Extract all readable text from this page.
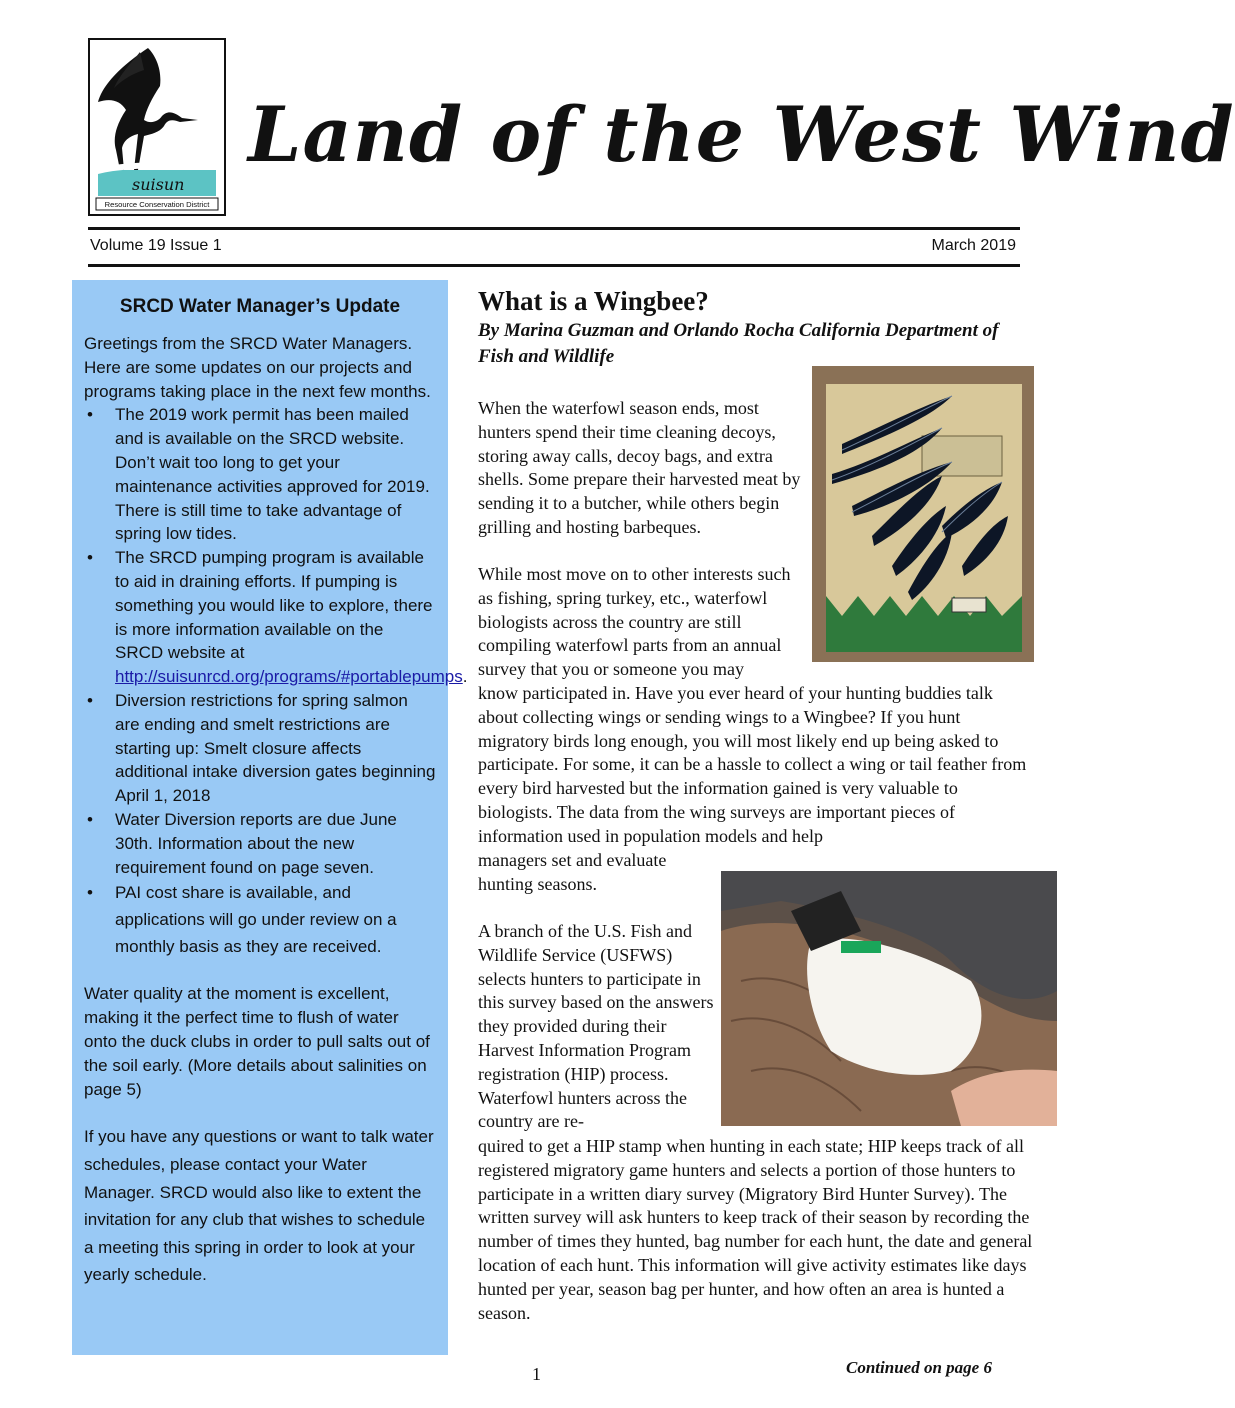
suisun
Resource Conservation District
Land of the West Wind
Volume 19 Issue 1	March 2019
SRCD Water Manager’s Update

Greetings from the SRCD Water Managers. Here are some updates on our projects and programs taking place in the next few months.

• The 2019 work permit has been mailed and is available on the SRCD website. Don’t wait too long to get your maintenance activities approved for 2019. There is still time to take advantage of spring low tides.
• The SRCD pumping program is available to aid in draining efforts. If pumping is something you would like to explore, there is more information available on the SRCD website at http://suisunrcd.org/programs/#portablepumps.
• Diversion restrictions for spring salmon are ending and smelt restrictions are starting up: Smelt closure affects additional intake diversion gates beginning April 1, 2018
• Water Diversion reports are due June 30th. Information about the new requirement found on page seven.
• PAI cost share is available, and applications will go under review on a monthly basis as they are received.

Water quality at the moment is excellent, making it the perfect time to flush of water onto the duck clubs in order to pull salts out of the soil early. (More details about salinities on page 5)

If you have any questions or want to talk water schedules, please contact your Water Manager. SRCD would also like to extent the invitation for any club that wishes to schedule a meeting this spring in order to look at your yearly schedule.

What is a Wingbee?
By Marina Guzman and Orlando Rocha California Department of Fish and Wildlife
When the waterfowl season ends, most hunters spend their time cleaning decoys, storing away calls, decoy bags, and extra shells. Some prepare their harvested meat by sending it to a butcher, while others begin grilling and hosting barbeques.
While most move on to other interests such as fishing, spring turkey, etc., waterfowl biologists across the country are still compiling waterfowl parts from an annual survey that you or someone you may
know participated in. Have you ever heard of your hunting buddies talk about collecting wings or sending wings to a Wingbee? If you hunt migratory birds long enough, you will most likely end up being asked to participate. For some, it can be a hassle to collect a wing or tail feather from every bird harvested but the information gained is very valuable to biologists. The data from the wing surveys are important pieces of information used in population models and help
managers set and evaluate hunting seasons.
A branch of the U.S. Fish and Wildlife Service (USFWS) selects hunters to participate in this survey based on the answers they provided during their Harvest Information Program registration (HIP) process. Waterfowl hunters across the country are re-
quired to get a HIP stamp when hunting in each state; HIP keeps track of all registered migratory game hunters and selects a portion of those hunters to participate in a written diary survey (Migratory Bird Hunter Survey). The written survey will ask hunters to keep track of their season by recording the number of times they hunted, bag number for each hunt, the date and general location of each hunt. This information will give activity estimates like days hunted per year, season bag per hunter, and how often an area is hunted a season.
1	Continued on page 6
